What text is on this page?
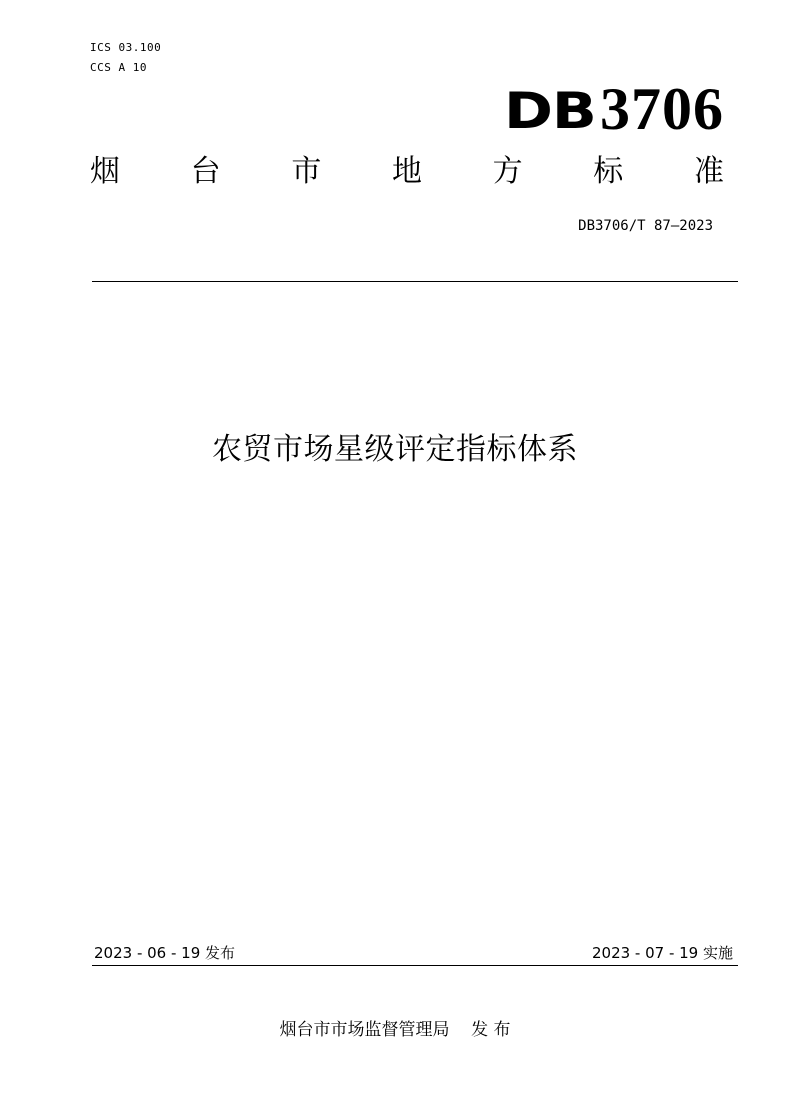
ICS 03.100
CCS A 10
DB 3706
烟 台 市 地 方 标 准
DB3706/T 87—2023
农贸市场星级评定指标体系
2023 - 06 - 19 发布	2023 - 07 - 19 实施
烟台市市场监督管理局    发 布
